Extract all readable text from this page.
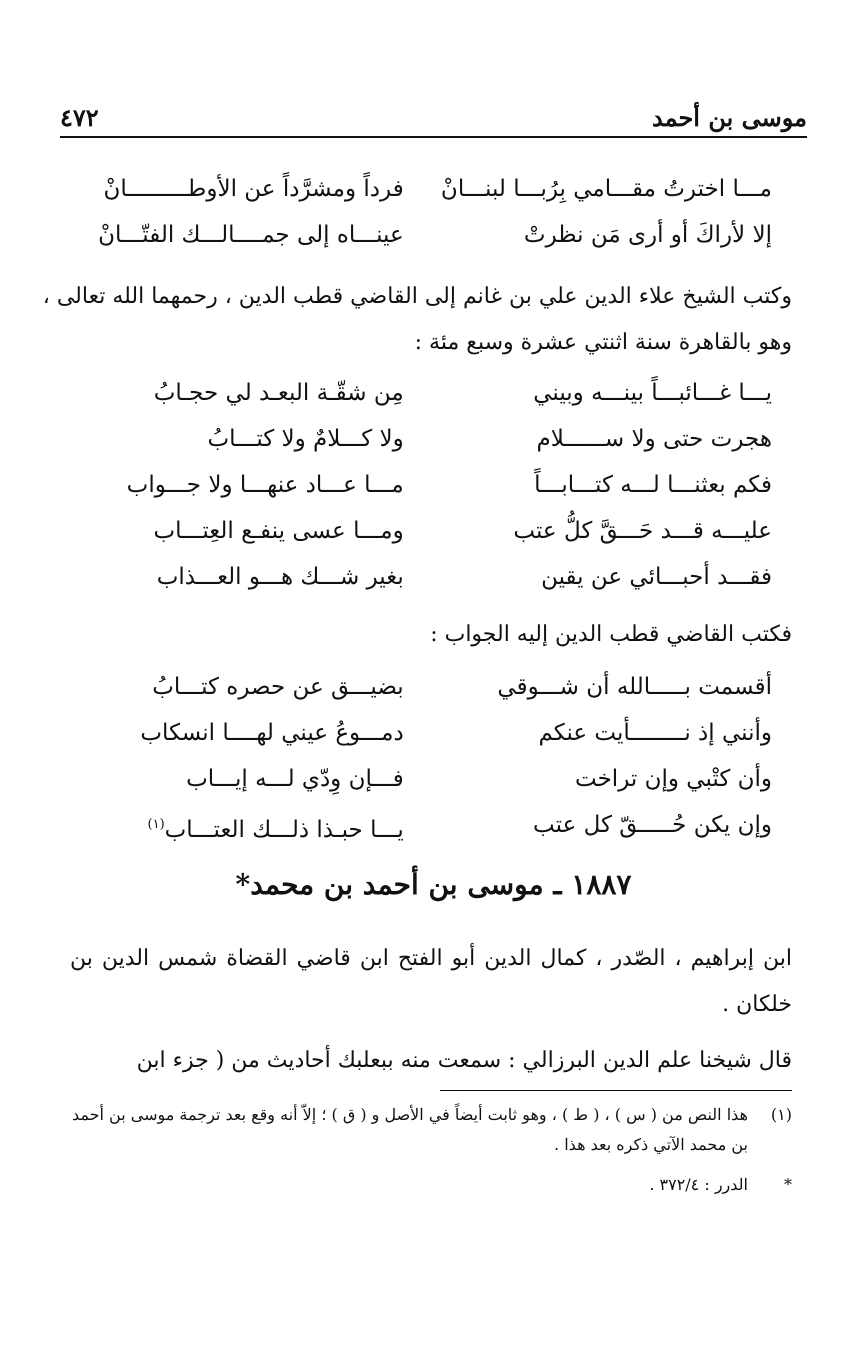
موسى بن أحمد
٤٧٢
مـــا اخترتُ مقـــامي بِرُبـــا لبنـــانْ
فرداً ومشرَّداً عن الأوطـــــــــانْ
إلا لأراكَ أو أرى مَن نظرتْ
عينـــاه إلى جمــــالـــك الفتّـــانْ

وكتب الشيخ علاء الدين علي بن غانم إلى القاضي قطب الدين ، رحمهما الله تعالى ،

وهو بالقاهرة سنة اثنتي عشرة وسبع مئة :

يـــا غـــائبـــاً بينـــه وبيني
مِن شقّـة البعـد لي حجـابُ
هجرت حتى ولا ســــــلام
ولا كـــلامٌ ولا كتـــابُ
فكم بعثنـــا لـــه كتـــابـــاً
مـــا عـــاد عنهـــا ولا جـــواب
عليـــه قـــد حَـــقَّ كلُّ عتب
ومـــا عسى ينفـع العِتـــاب
فقـــد أحبـــائي عن يقين
بغير شـــك هـــو العـــذاب

فكتب القاضي قطب الدين إليه الجواب :

أقسمت بـــــالله أن شـــوقي
بضيـــق عن حصره كتـــابُ
وأنني إذ نــــــــأيت عنكم
دمـــوعُ عيني لهــــا انسكاب
وأن كتْبي وإن تراخت
فـــإن وِدّي لـــه إيـــاب
وإن يكن حُـــــقّ كل عتب
يـــا حبـذا ذلـــك العتـــاب$^{(١)}$
١٨٨٧ ـ موسى بن أحمد بن محمد*

ابن إبراهيم ، الصّدر ، كمال الدين أبو الفتح ابن قاضي القضاة شمس الدين بن خلكان .

قال شيخنا علم الدين البرزالي : سمعت منه ببعلبك أحاديث من ( جزء ابن

(١)
هذا النص من ( س ) ، ( ط ) ، وهو ثابت أيضاً في الأصل و ( ق ) ؛ إلاّ أنه وقع بعد ترجمة موسى بن أحمد بن محمد الآتي ذكره بعد هذا .
*
الدرر : ٣٧٢/٤ .
